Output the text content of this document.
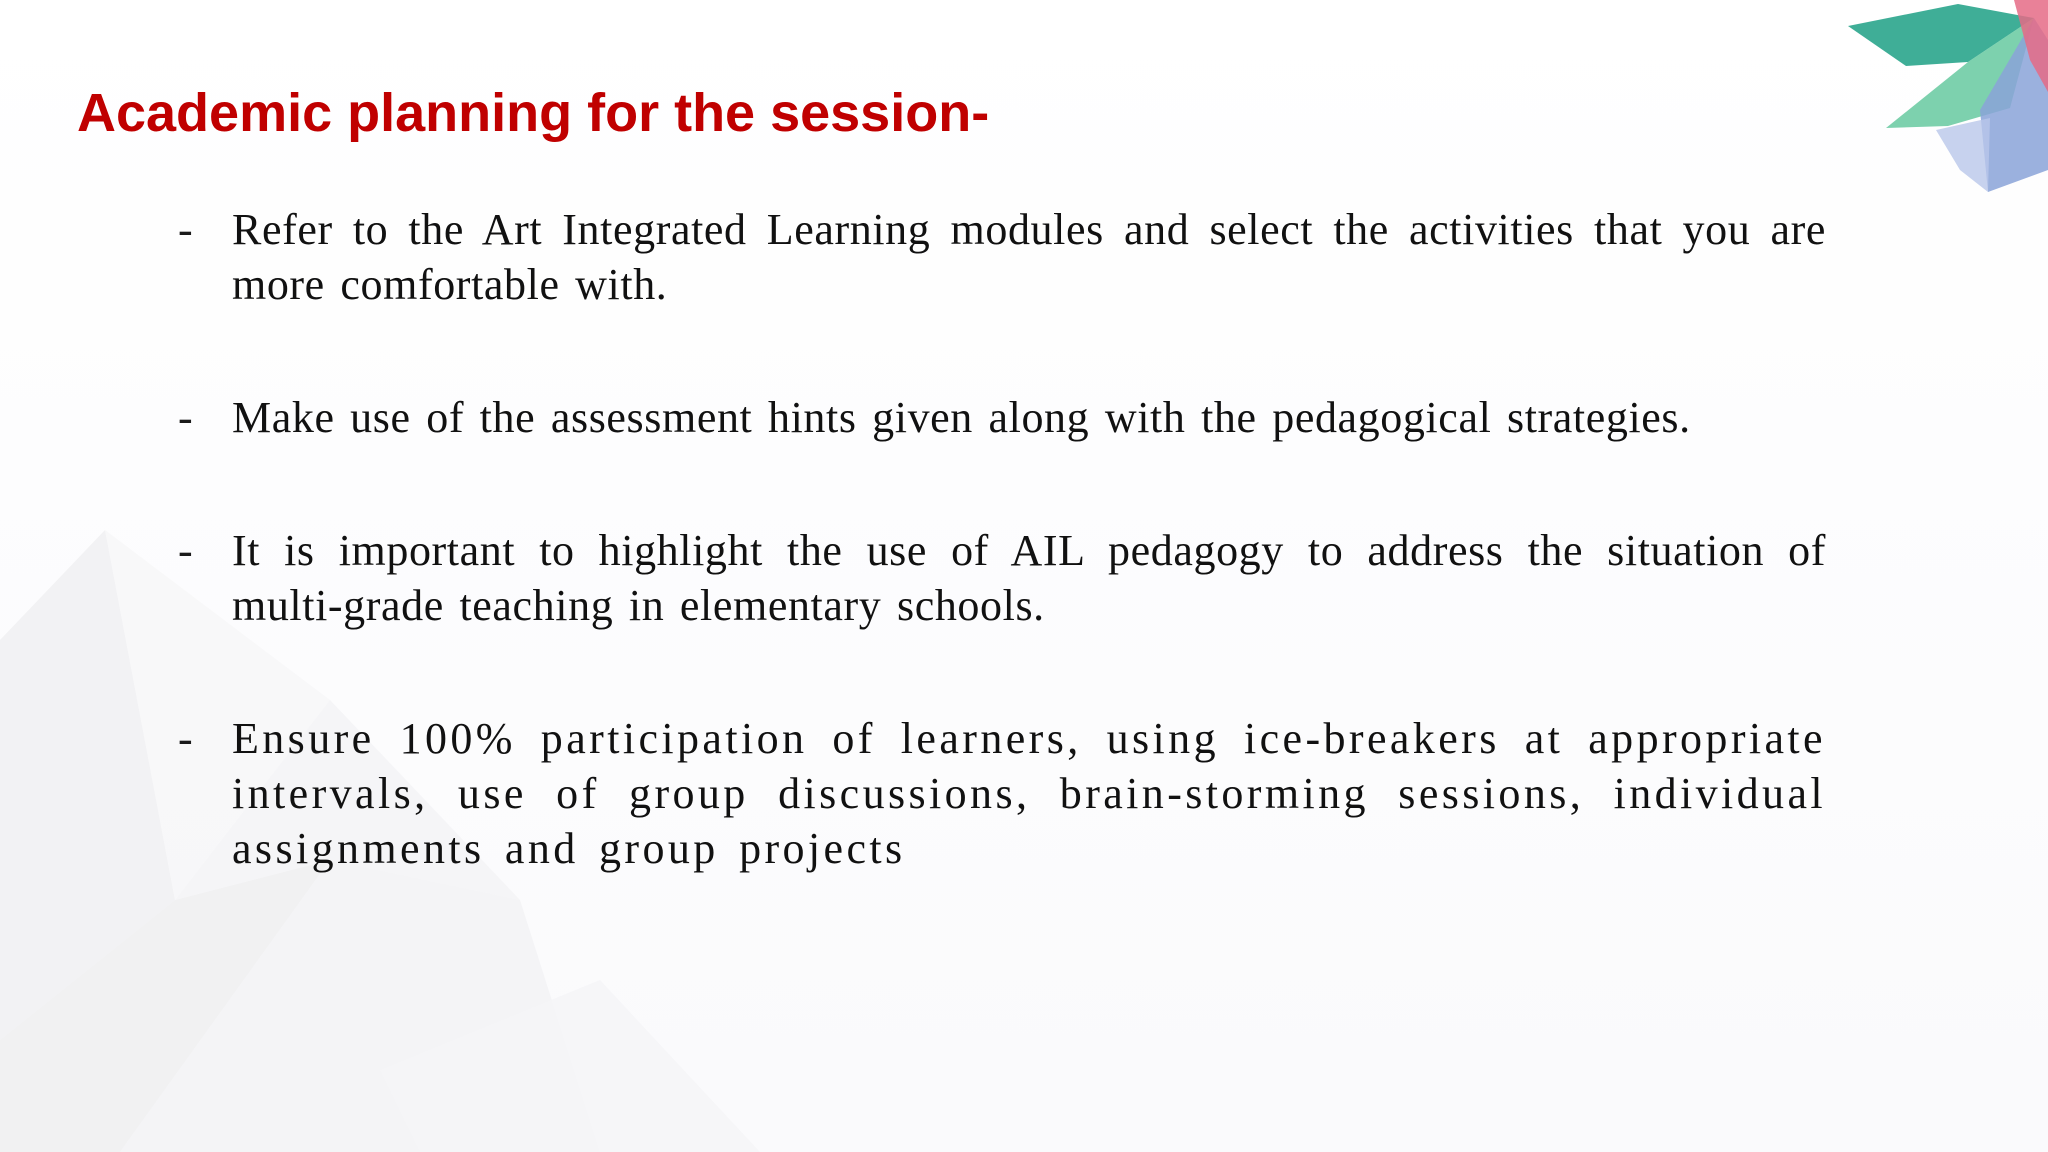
Academic planning for the session-
- Refer to the Art Integrated Learning modules and select the activities that you are more comfortable with.

- Make use of the assessment hints given along with the pedagogical strategies.

- It is important to highlight the use of AIL pedagogy to address the situation of multi-grade teaching in elementary schools.

- Ensure 100% participation of learners, using ice-breakers at appropriate intervals, use of group discussions, brain-storming sessions, individual assignments and group projects
